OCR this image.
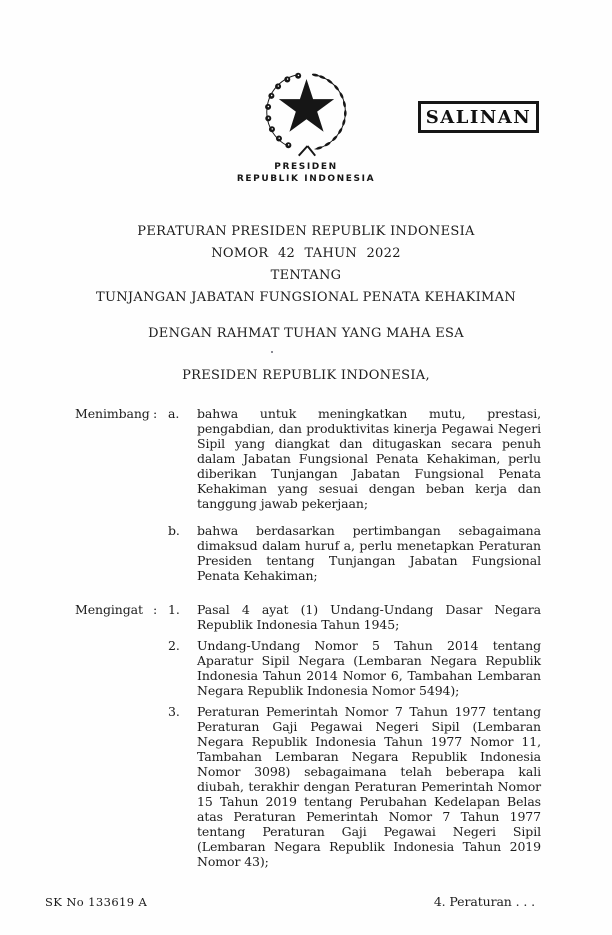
SALINAN
PRESIDEN
REPUBLIK INDONESIA
PERATURAN PRESIDEN REPUBLIK INDONESIA
NOMOR 42 TAHUN 2022
TENTANG
TUNJANGAN JABATAN FUNGSIONAL PENATA KEHAKIMAN
DENGAN RAHMAT TUHAN YANG MAHA ESA
PRESIDEN REPUBLIK INDONESIA,
Menimbang : a.	bahwa untuk meningkatkan mutu, prestasi, pengabdian, dan produktivitas kinerja Pegawai Negeri Sipil yang diangkat dan ditugaskan secara penuh dalam Jabatan Fungsional Penata Kehakiman, perlu diberikan Tunjangan Jabatan Fungsional Penata Kehakiman yang sesuai dengan beban kerja dan tanggung jawab pekerjaan;
b.	bahwa berdasarkan pertimbangan sebagaimana dimaksud dalam huruf a, perlu menetapkan Peraturan Presiden tentang Tunjangan Jabatan Fungsional Penata Kehakiman;
Mengingat : 1.	Pasal 4 ayat (1) Undang-Undang Dasar Negara Republik Indonesia Tahun 1945;
2.	Undang-Undang Nomor 5 Tahun 2014 tentang Aparatur Sipil Negara (Lembaran Negara Republik Indonesia Tahun 2014 Nomor 6, Tambahan Lembaran Negara Republik Indonesia Nomor 5494);
3.	Peraturan Pemerintah Nomor 7 Tahun 1977 tentang Peraturan Gaji Pegawai Negeri Sipil (Lembaran Negara Republik Indonesia Tahun 1977 Nomor 11, Tambahan Lembaran Negara Republik Indonesia Nomor 3098) sebagaimana telah beberapa kali diubah, terakhir dengan Peraturan Pemerintah Nomor 15 Tahun 2019 tentang Perubahan Kedelapan Belas atas Peraturan Pemerintah Nomor 7 Tahun 1977 tentang Peraturan Gaji Pegawai Negeri Sipil (Lembaran Negara Republik Indonesia Tahun 2019 Nomor 43);
4. Peraturan . . .
SK No 133619 A
